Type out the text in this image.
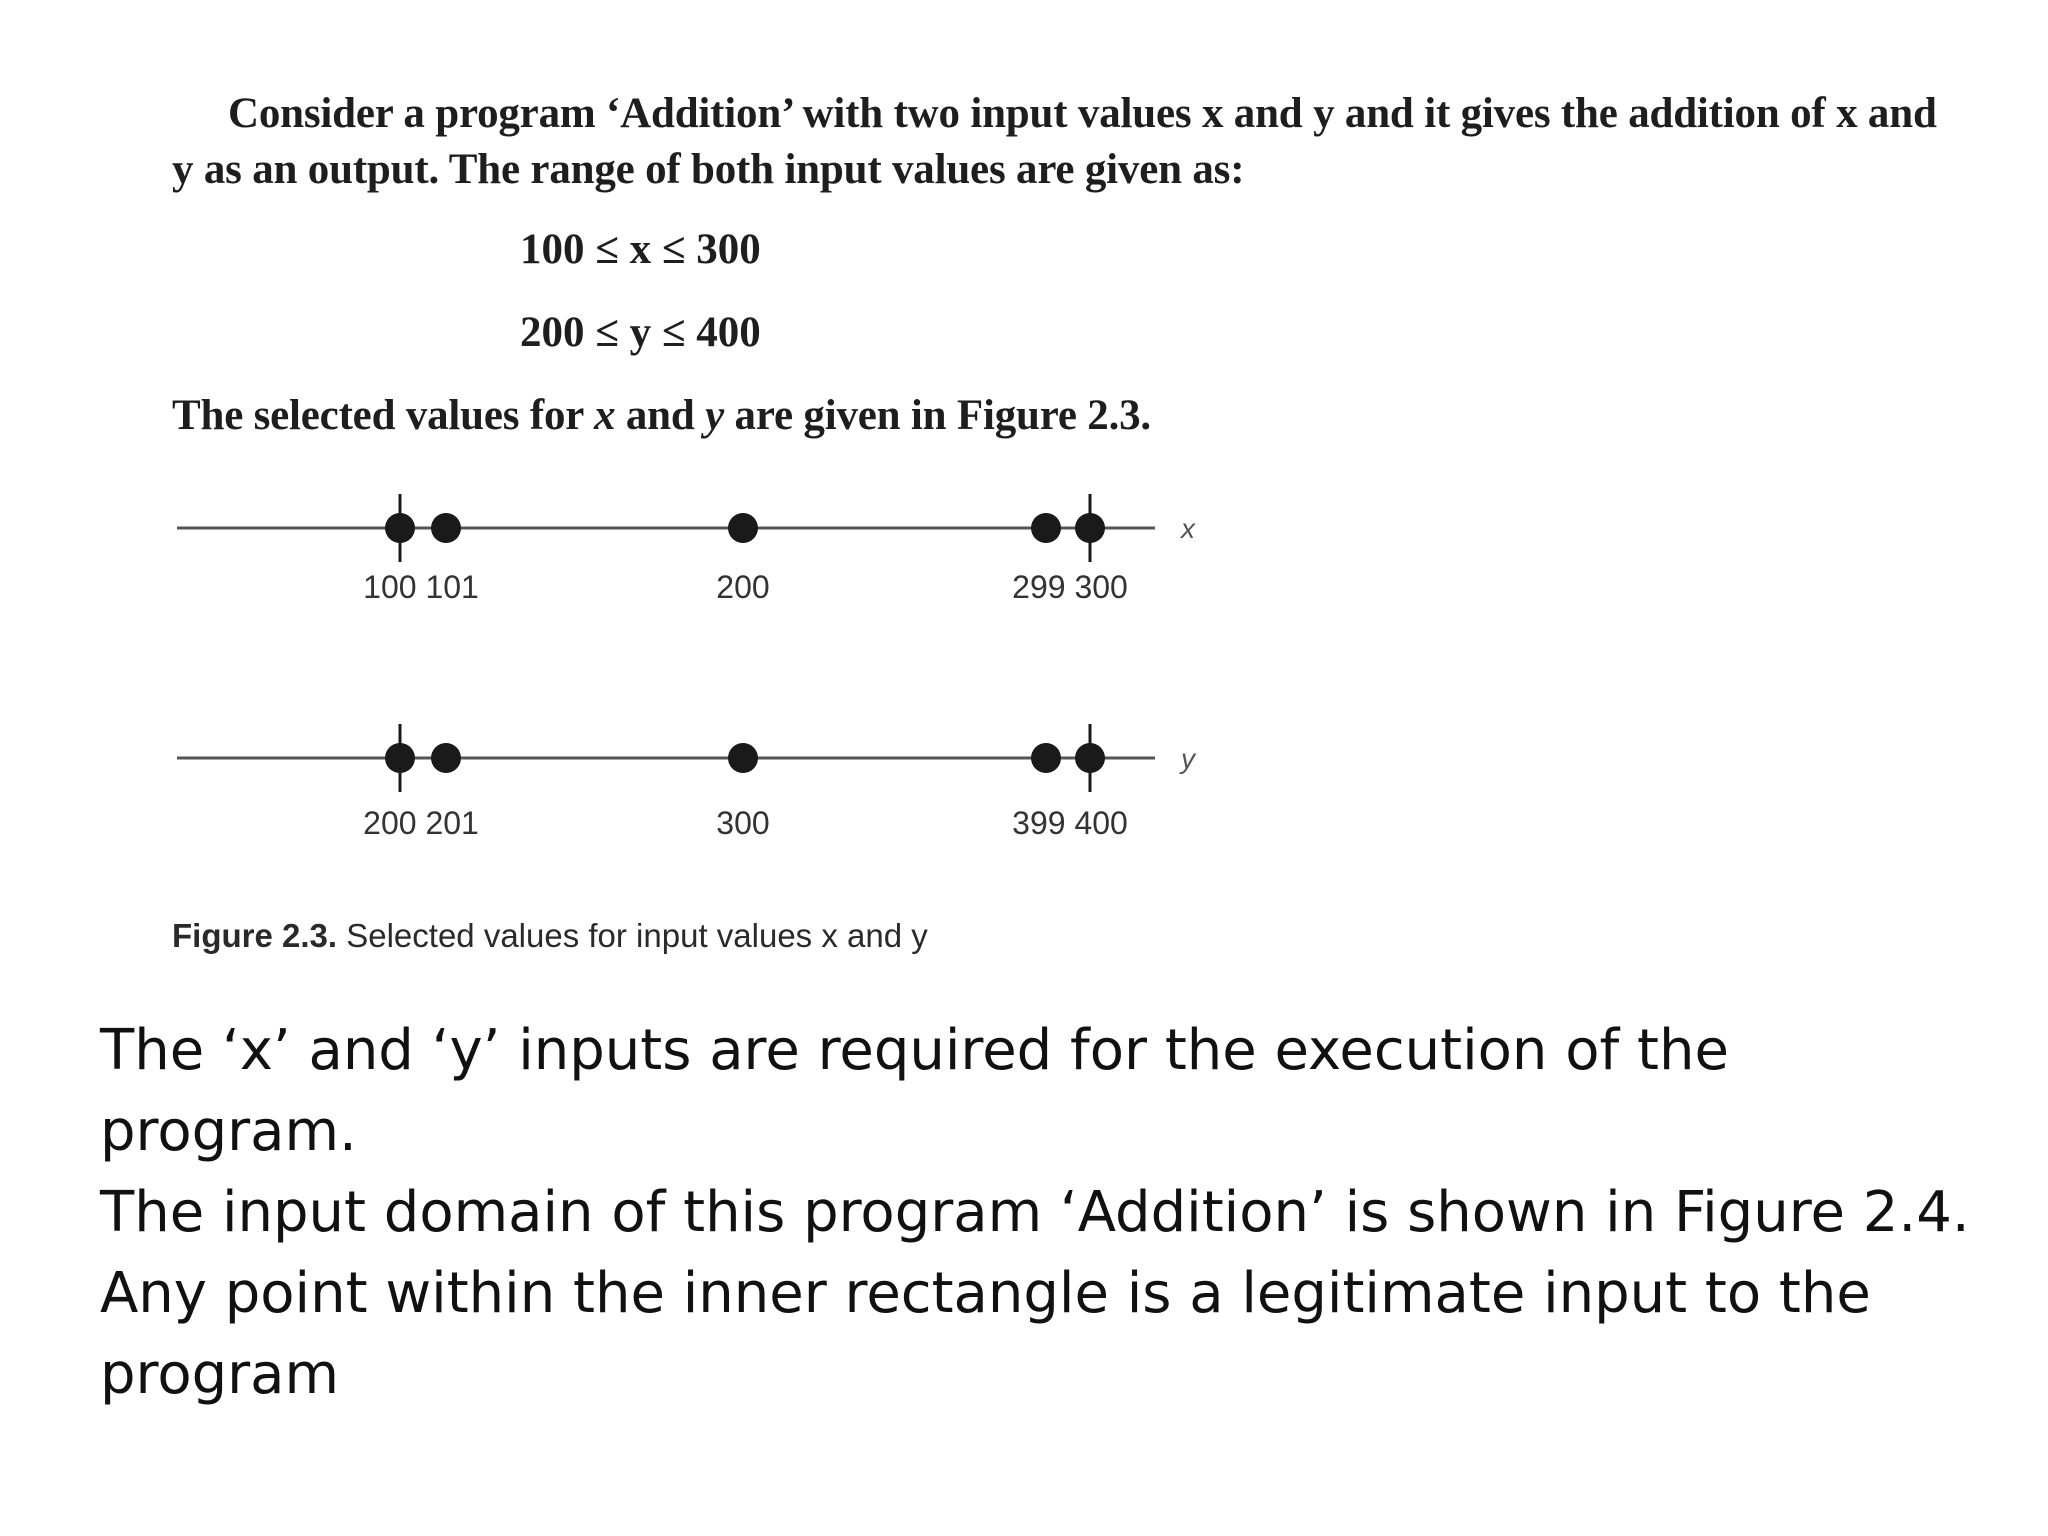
Consider a program ‘Addition’ with two input values x and y and it gives the addition of x and y as an output. The range of both input values are given as:
100 ≤ x ≤ 300
200 ≤ y ≤ 400
The selected values for x and y are given in Figure 2.3.
100 101	200	299 300
x
200 201	300	399 400
y
Figure 2.3. Selected values for input values x and y

The ‘x’ and ‘y’ inputs are required for the execution of the program.

The input domain of this program ‘Addition’ is shown in Figure 2.4.

Any point within the inner rectangle is a legitimate input to the program
